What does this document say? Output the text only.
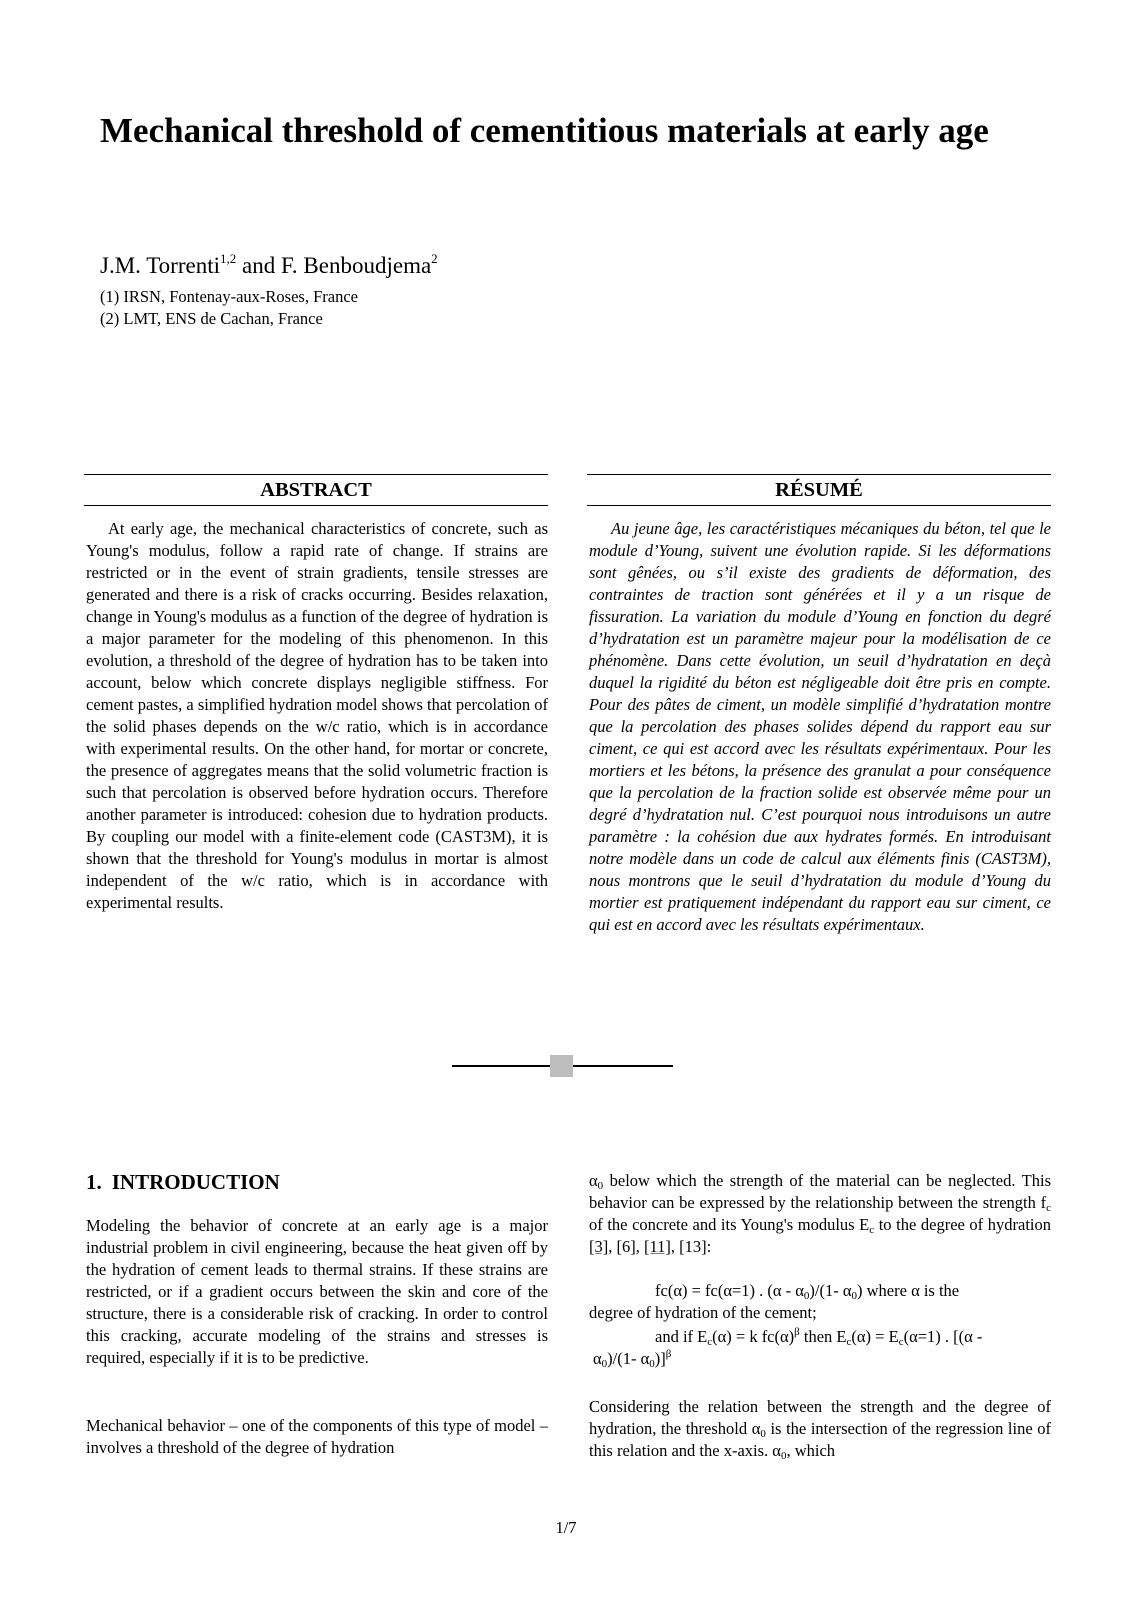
Mechanical threshold of cementitious materials at early age
J.M. Torrenti$^{1,2}$ and F. Benboudjema$^2$
(1) IRSN, Fontenay-aux-Roses, France
(2) LMT, ENS de Cachan, France
ABSTRACT	RÉSUMÉ

At early age, the mechanical characteristics of concrete, such as Young's modulus, follow a rapid rate of change. If strains are restricted or in the event of strain gradients, tensile stresses are generated and there is a risk of cracks occurring. Besides relaxation, change in Young's modulus as a function of the degree of hydration is a major parameter for the modeling of this phenomenon. In this evolution, a threshold of the degree of hydration has to be taken into account, below which concrete displays negligible stiffness. For cement pastes, a simplified hydration model shows that percolation of the solid phases depends on the w/c ratio, which is in accordance with experimental results. On the other hand, for mortar or concrete, the presence of aggregates means that the solid volumetric fraction is such that percolation is observed before hydration occurs. Therefore another parameter is introduced: cohesion due to hydration products. By coupling our model with a finite-element code (CAST3M), it is shown that the threshold for Young's modulus in mortar is almost independent of the w/c ratio, which is in accordance with experimental results.

Au jeune âge, les caractéristiques mécaniques du béton, tel que le module d’Young, suivent une évolution rapide. Si les déformations sont gênées, ou s’il existe des gradients de déformation, des contraintes de traction sont générées et il y a un risque de fissuration. La variation du module d’Young en fonction du degré d’hydratation est un paramètre majeur pour la modélisation de ce phénomène. Dans cette évolution, un seuil d’hydratation en deçà duquel la rigidité du béton est négligeable doit être pris en compte. Pour des pâtes de ciment, un modèle simplifié d’hydratation montre que la percolation des phases solides dépend du rapport eau sur ciment, ce qui est accord avec les résultats expérimentaux. Pour les mortiers et les bétons, la présence des granulat a pour conséquence que la percolation de la fraction solide est observée même pour un degré d’hydratation nul. C’est pourquoi nous introduisons un autre paramètre : la cohésion due aux hydrates formés. En introduisant notre modèle dans un code de calcul aux éléments finis (CAST3M), nous montrons que le seuil d’hydratation du module d’Young du mortier est pratiquement indépendant du rapport eau sur ciment, ce qui est en accord avec les résultats expérimentaux.

1. INTRODUCTION

Modeling the behavior of concrete at an early age is a major industrial problem in civil engineering, because the heat given off by the hydration of cement leads to thermal strains. If these strains are restricted, or if a gradient occurs between the skin and core of the structure, there is a considerable risk of cracking. In order to control this cracking, accurate modeling of the strains and stresses is required, especially if it is to be predictive.

Mechanical behavior – one of the components of this type of model – involves a threshold of the degree of hydration

$\alpha_0$ below which the strength of the material can be neglected. This behavior can be expressed by the relationship between the strength $f_c$ of the concrete and its Young's modulus $E_c$ to the degree of hydration [3], [6], [11], [13]:

fc(α) = fc(α=1) . $(\alpha - \alpha_0)/(1-$ $\alpha_0$) where α is the
degree of hydration of the cement;
and if $E_c(\alpha) = k$ $fc(\alpha)^\beta$ then $E_c(\alpha) = E_c(\alpha=1)$ . [(α -
$\alpha_0)/(1-$ $\alpha_0)]^\beta$

Considering the relation between the strength and the degree of hydration, the threshold $\alpha_0$ is the intersection of the regression line of this relation and the x-axis. $\alpha_0$, which

1/7
